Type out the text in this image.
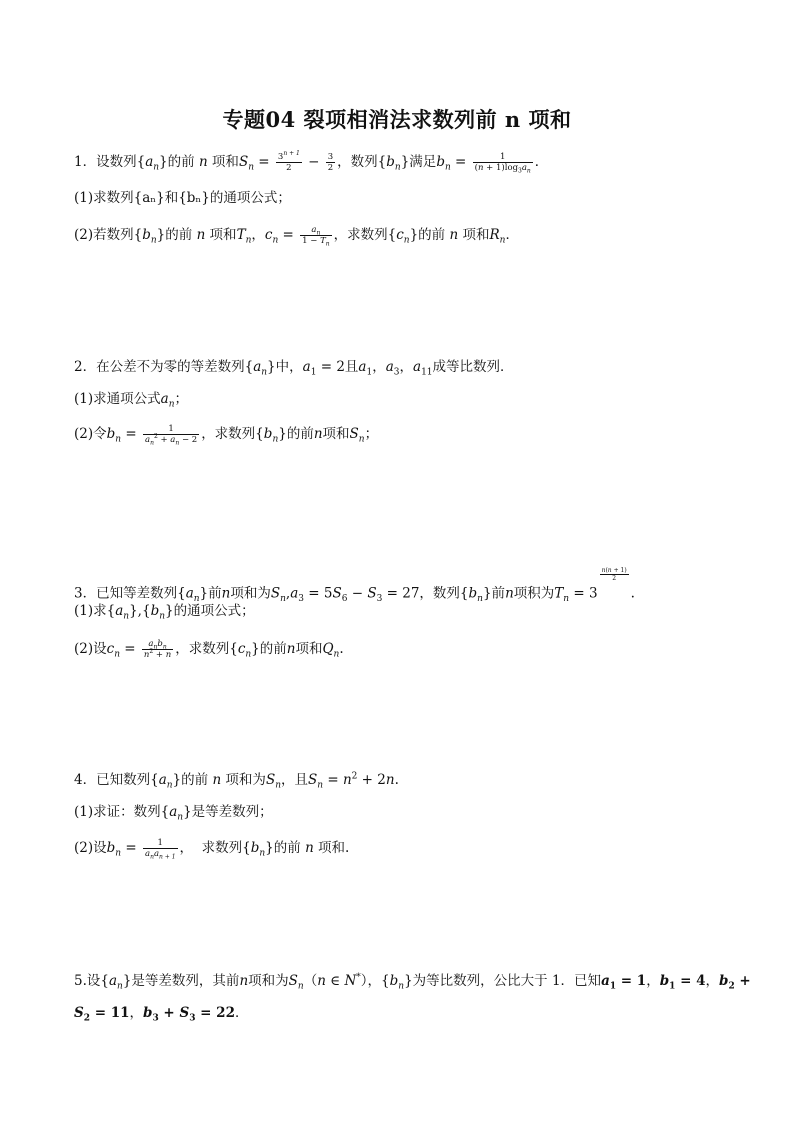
专题04 裂项相消法求数列前 n 项和
1．设数列$\{a_n\}$的前 n 项和$S_n = \frac{3^{n + 1}}{2} - \frac{3}{2}$ ，数列$\{b_n\}$满足$b_n = \frac{1}{(n + 1)\log_3a_n}$ ．
(1)求数列{aₙ}和{bₙ}的通项公式；
(2)若数列$\{b_n\}$的前 n 项和$T_n$，$c_n = \frac{a_n}{1 - T_n}$ ，求数列$\{c_n\}$的前 n 项和$R_n$．
2．在公差不为零的等差数列$\{a_n\}$中，$a_1 = 2$且$a_1$，$a_3$，$a_{11}$成等比数列．
(1)求通项公式$a_n$；
(2)令$b_n = \frac{1}{a_n^2 + a_n - 2}$ ，求数列$\{b_n\}$的前n项和$S_n$；
3．已知等差数列$\{a_n\}$前n项和为$S_n,a_3 = 5S_6 - S_3 = 27$，数列$\{b_n\}$前n项积为$T_n = 3$
$^{\frac{n(n + 1)}{2}}$
.
(1)求$\{a_n\},\{b_n\}$的通项公式；
(2)设$c_n = \frac{a_nb_n}{n^2 + n}$ ，求数列$\{c_n\}$的前n项和$Q_n$.
4．已知数列$\{a_n\}$的前 n 项和为$S_n$，且$S_n = n^2 + 2n$.
(1)求证：数列$\{a_n\}$是等差数列；
(2)设$b_n = \frac{1}{a_na_{n + 1}}$ ，  求数列$\{b_n\}$的前 n 项和.
5.设$\{a_n\}$是等差数列，其前n项和为$S_n(n$ ∈ N*），$\{b_n\}$为等比数列，公比大于 1．已知$a_1 = 1$，$b_1 = 4$，$b_2$ +
$S_2 = 11$，$b_3 + S_3 = 22$．
